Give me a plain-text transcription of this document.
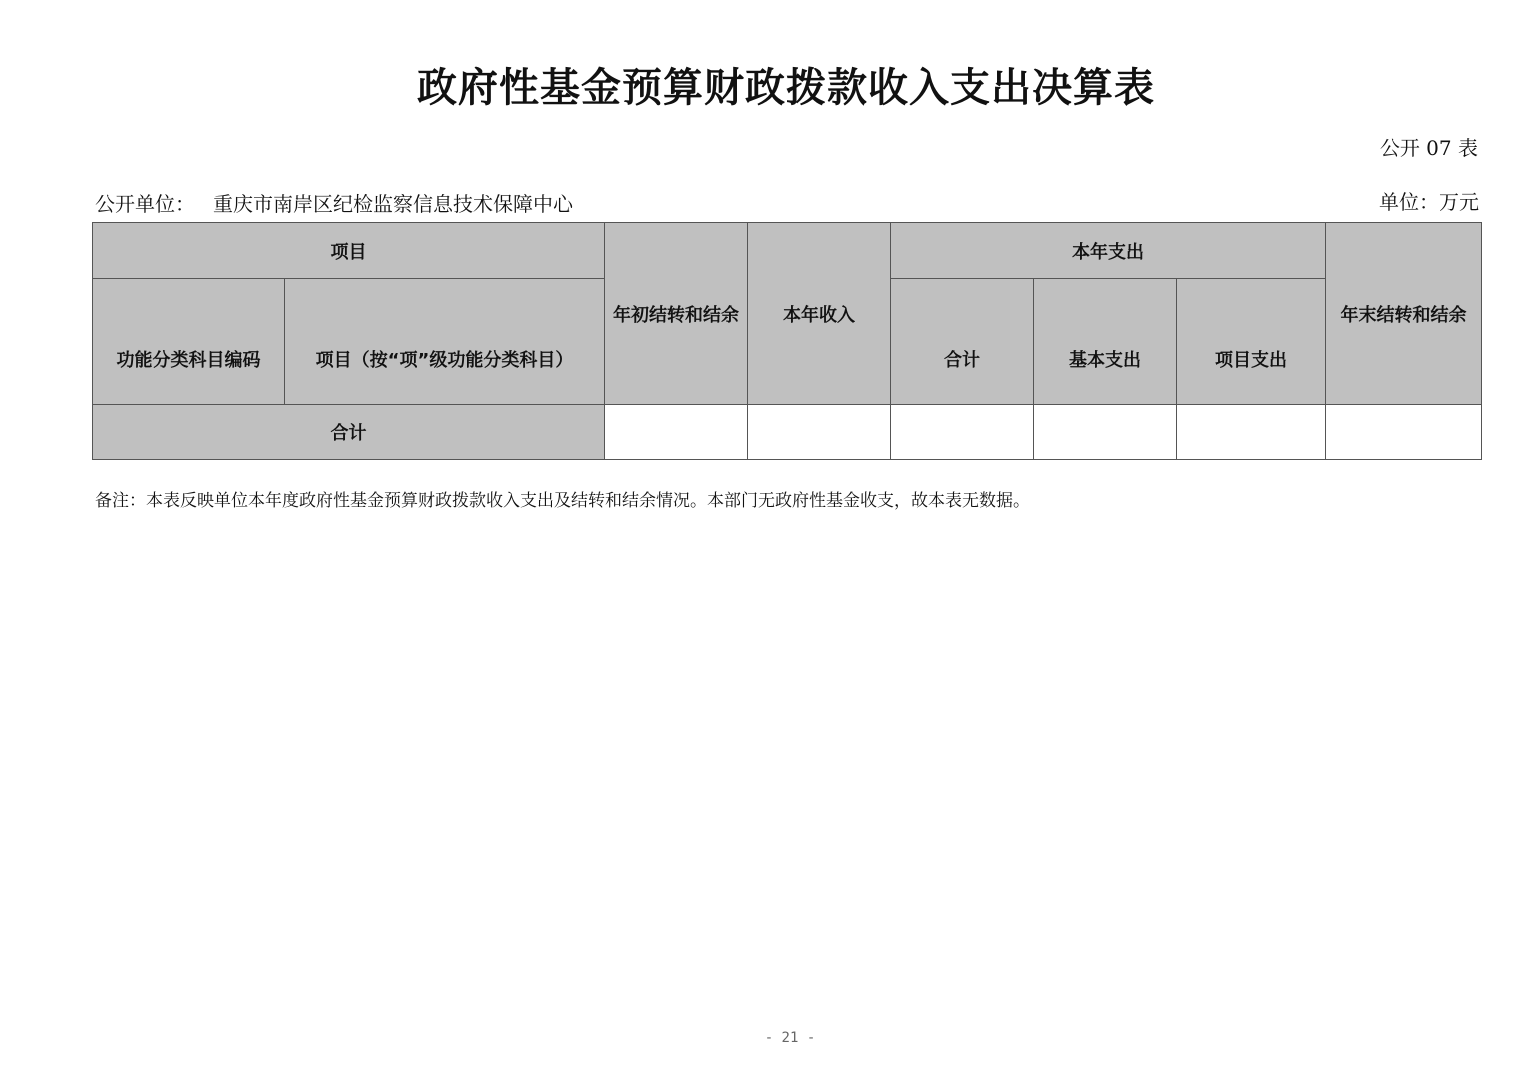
政府性基金预算财政拨款收入支出决算表
公开 07 表
公开单位： 重庆市南岸区纪检监察信息技术保障中心	单位：万元
项目		年初结转和结余	本年收入	本年支出			年末结转和结余
功能分类科目编码	项目（按“项”级功能分类科目）			合计	基本支出	项目支出	
合计							
备注：本表反映单位本年度政府性基金预算财政拨款收入支出及结转和结余情况。本部门无政府性基金收支，故本表无数据。
- 21 -
